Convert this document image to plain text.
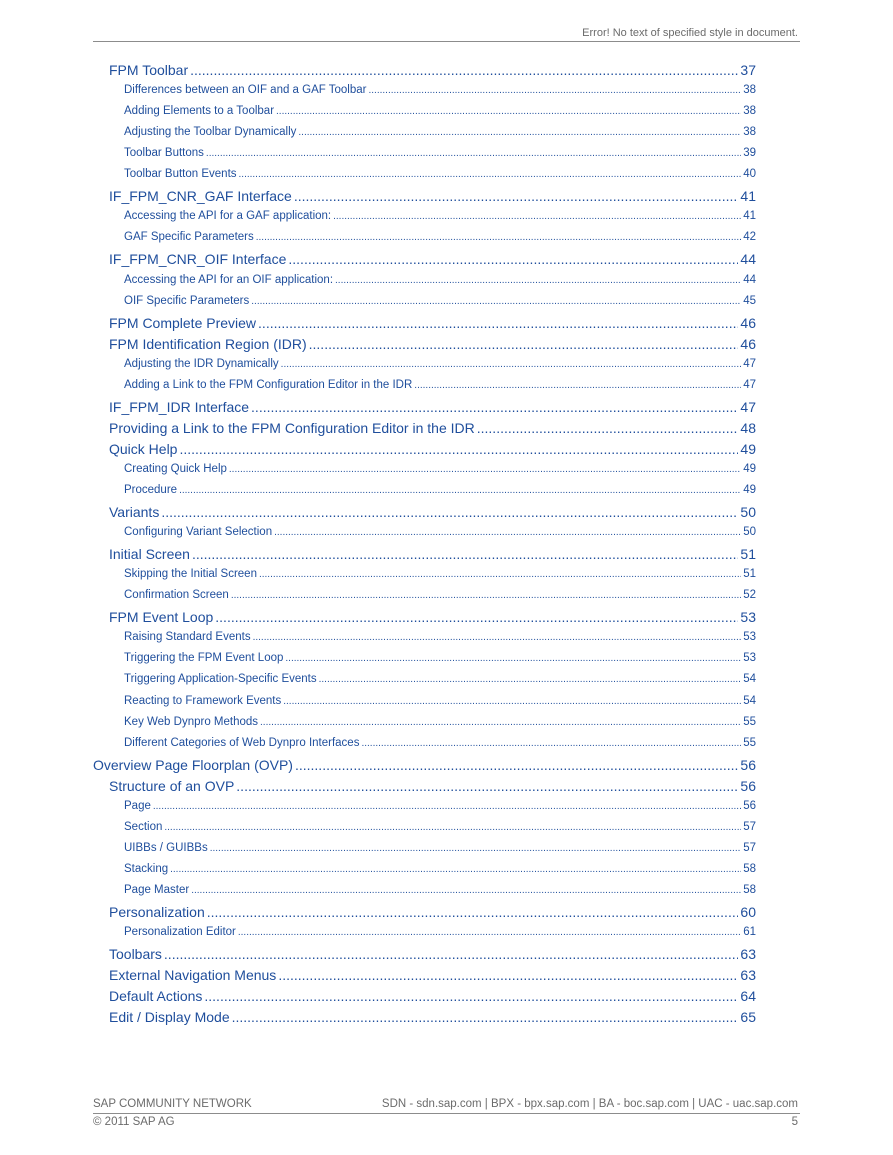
Error! No text of specified style in document.
FPM Toolbar .....	37
Differences between an OIF and a GAF Toolbar .....	38
Adding Elements to a Toolbar .....	38
Adjusting the Toolbar Dynamically .....	38
Toolbar Buttons .....	39
Toolbar Button Events .....	40
IF_FPM_CNR_GAF Interface .....	41
Accessing the API for a GAF application: .....	41
GAF Specific Parameters .....	42
IF_FPM_CNR_OIF Interface .....	44
Accessing the API for an OIF application: .....	44
OIF Specific Parameters .....	45
FPM Complete Preview .....	46
FPM Identification Region (IDR) .....	46
Adjusting the IDR Dynamically .....	47
Adding a Link to the FPM Configuration Editor in the IDR .....	47
IF_FPM_IDR Interface .....	47
Providing a Link to the FPM Configuration Editor in the IDR .....	48
Quick Help .....	49
Creating Quick Help .....	49
Procedure .....	49
Variants .....	50
Configuring Variant Selection .....	50
Initial Screen .....	51
Skipping the Initial Screen .....	51
Confirmation Screen .....	52
FPM Event Loop .....	53
Raising Standard Events .....	53
Triggering the FPM Event Loop .....	53
Triggering Application-Specific Events .....	54
Reacting to Framework Events .....	54
Key Web Dynpro Methods .....	55
Different Categories of Web Dynpro Interfaces .....	55
Overview Page Floorplan (OVP) .....	56
Structure of an OVP .....	56
Page .....	56
Section .....	57
UIBBs / GUIBBs .....	57
Stacking .....	58
Page Master .....	58
Personalization .....	60
Personalization Editor .....	61
Toolbars .....	63
External Navigation Menus .....	63
Default Actions .....	64
Edit / Display Mode .....	65
SAP COMMUNITY NETWORK	SDN - sdn.sap.com | BPX - bpx.sap.com | BA - boc.sap.com | UAC - uac.sap.com
© 2011 SAP AG	5
